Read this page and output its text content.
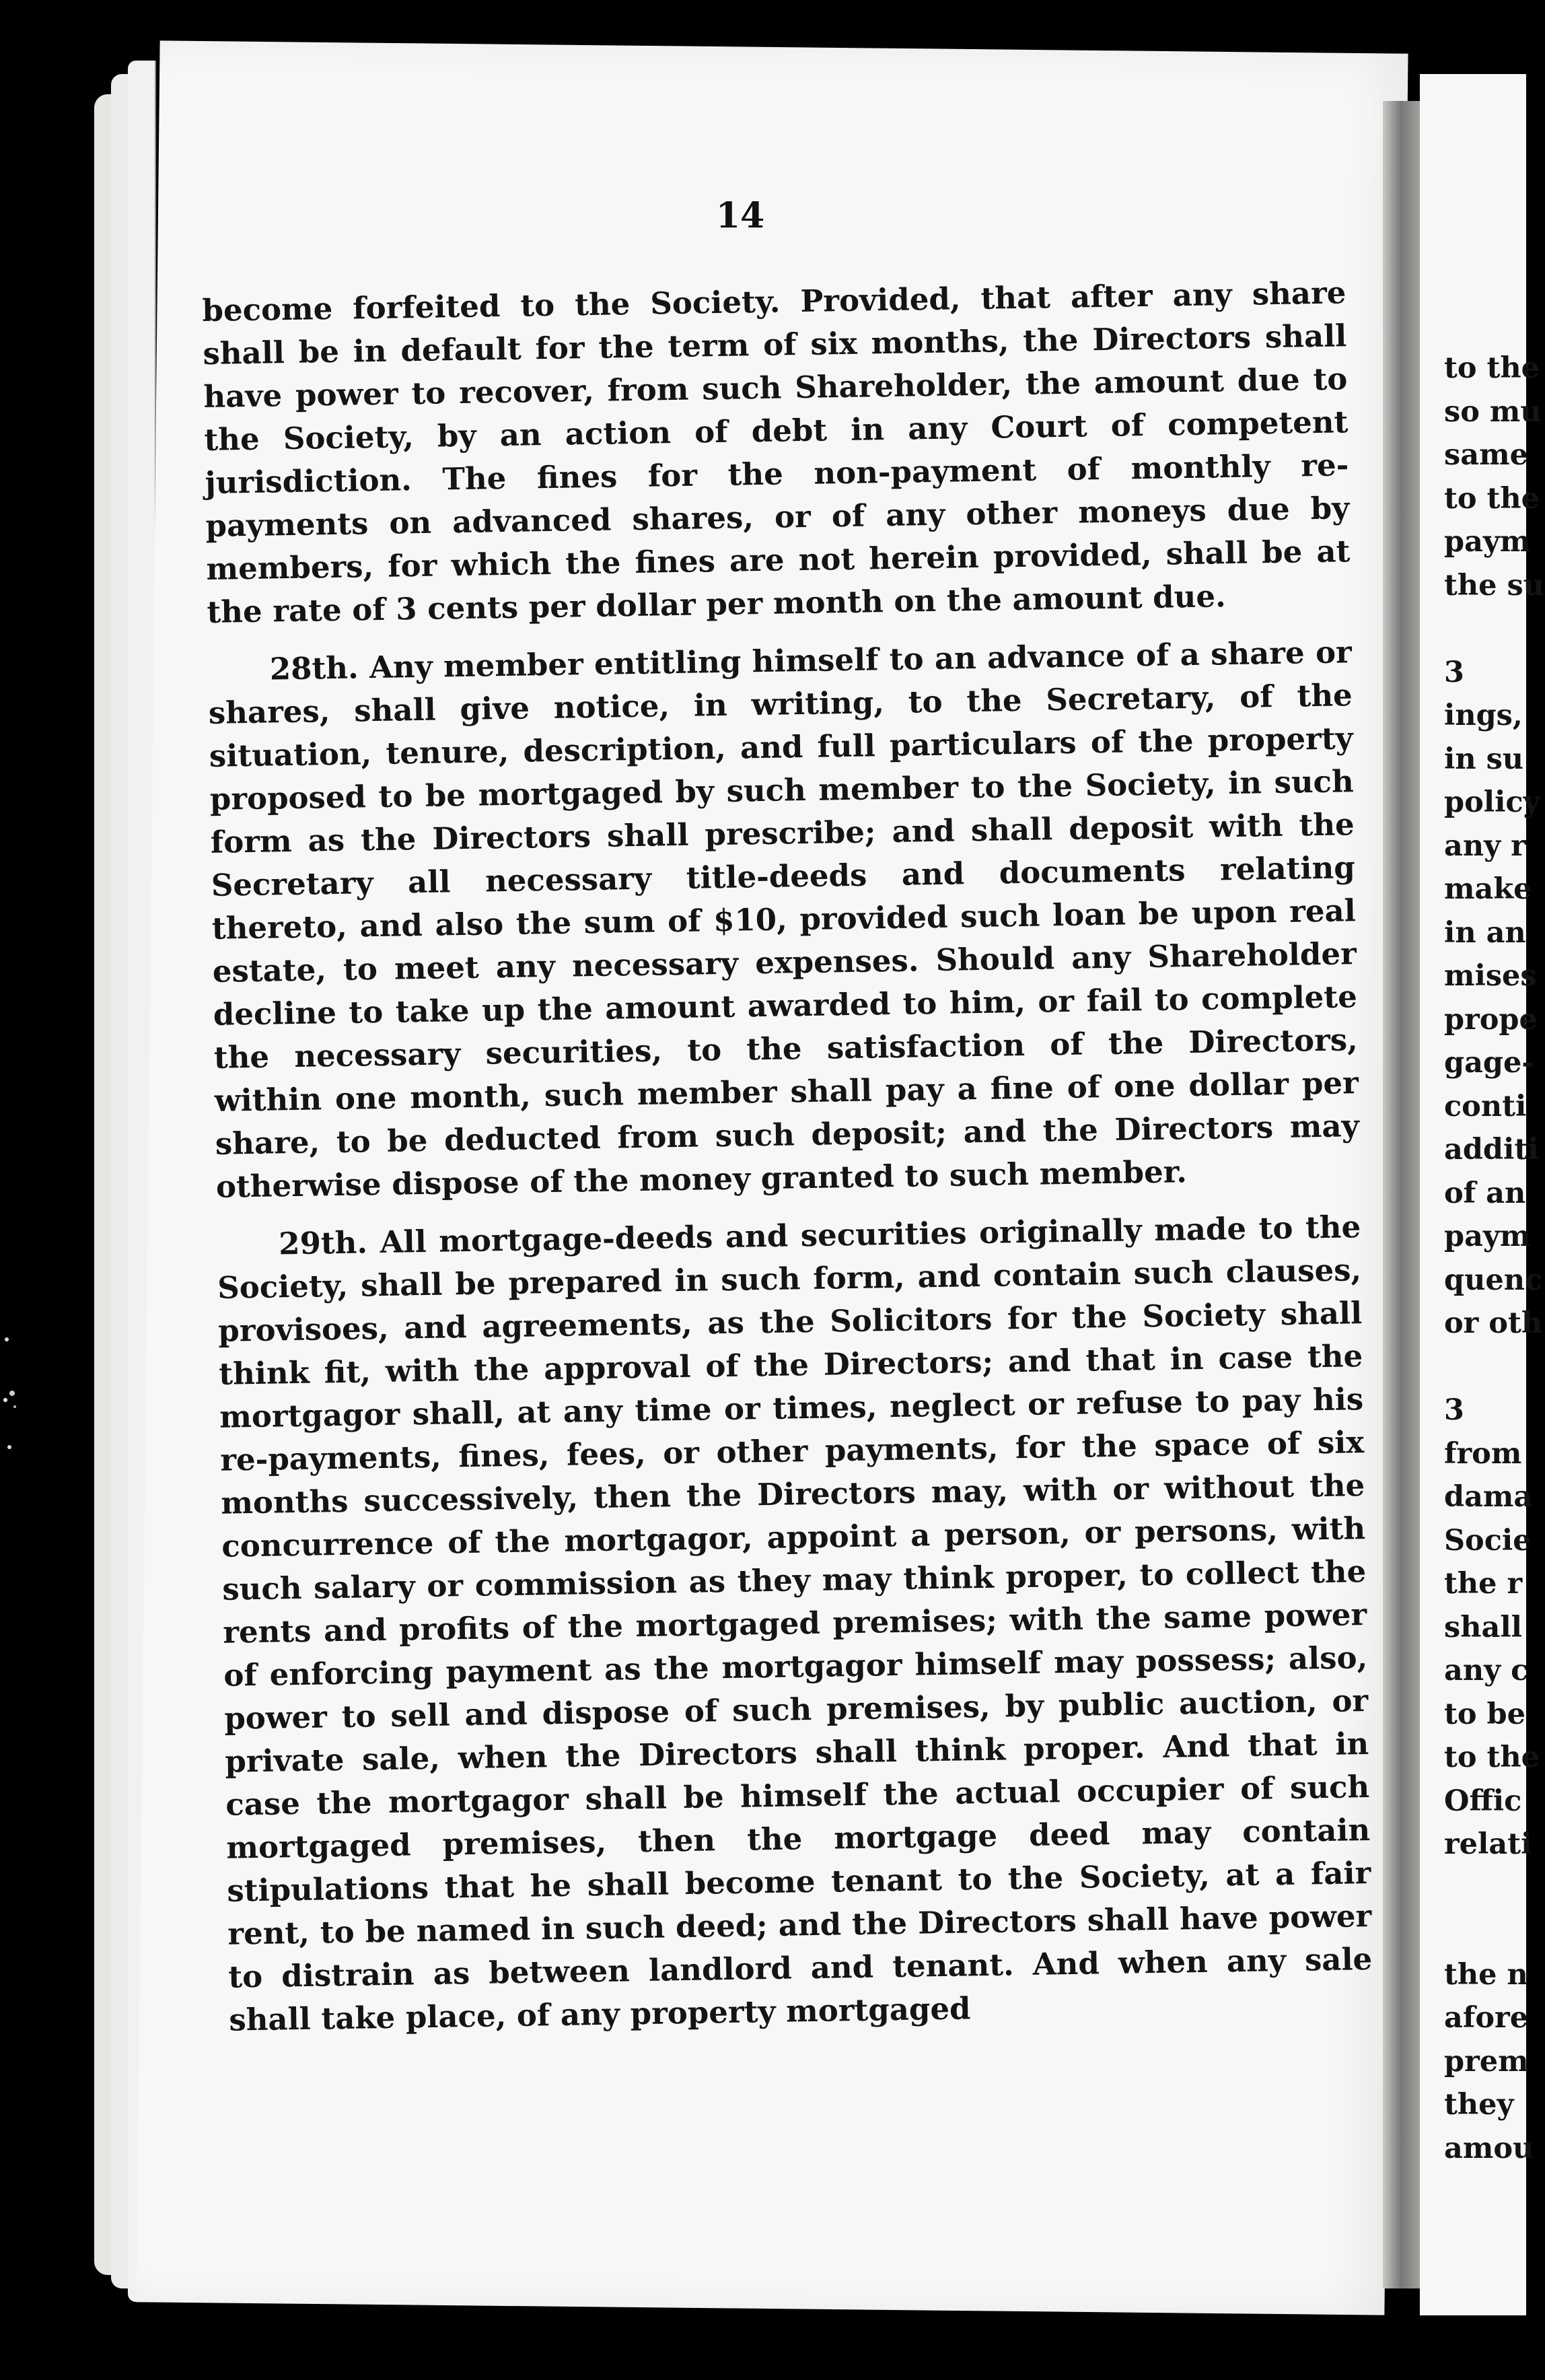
14

become forfeited to the Society. Provided, that after any share shall be in default for the term of six months, the Directors shall have power to recover, from such Shareholder, the amount due to the Society, by an action of debt in any Court of competent jurisdiction. The fines for the non-payment of monthly re-payments on advanced shares, or of any other moneys due by members, for which the fines are not herein provided, shall be at the rate of 3 cents per dollar per month on the amount due.

28th. Any member entitling himself to an advance of a share or shares, shall give notice, in writing, to the Secretary, of the situation, tenure, description, and full particulars of the property proposed to be mortgaged by such member to the Society, in such form as the Directors shall prescribe; and shall deposit with the Secretary all necessary title-deeds and documents relating thereto, and also the sum of $10, provided such loan be upon real estate, to meet any necessary expenses. Should any Shareholder decline to take up the amount awarded to him, or fail to complete the necessary securities, to the satisfaction of the Directors, within one month, such member shall pay a fine of one dollar per share, to be deducted from such deposit; and the Directors may otherwise dispose of the money granted to such member.

29th. All mortgage-deeds and securities originally made to the Society, shall be prepared in such form, and contain such clauses, provisoes, and agreements, as the Solicitors for the Society shall think fit, with the approval of the Directors; and that in case the mortgagor shall, at any time or times, neglect or refuse to pay his re-payments, fines, fees, or other payments, for the space of six months successively, then the Directors may, with or without the concurrence of the mortgagor, appoint a person, or persons, with such salary or commission as they may think proper, to collect the rents and profits of the mortgaged premises; with the same power of enforcing payment as the mortgagor himself may possess; also, power to sell and dispose of such premises, by public auction, or private sale, when the Directors shall think proper. And that in case the mortgagor shall be himself the actual occupier of such mortgaged premises, then the mortgage deed may contain stipulations that he shall become tenant to the Society, at a fair rent, to be named in such deed; and the Directors shall have power to distrain as between landlord and tenant. And when any sale shall take place, of any property mortgaged

to the
so mu
same
to the
paym
the su
3
ings,
in su
policy
any r
make
in an
mises
prope
gage-
conti
additi
of an
paym
quenc
or oth
3
from
dama
Socie
the r
shall
any c
to be
to the
Offic
relati
the n
afore
prem
they
amou
